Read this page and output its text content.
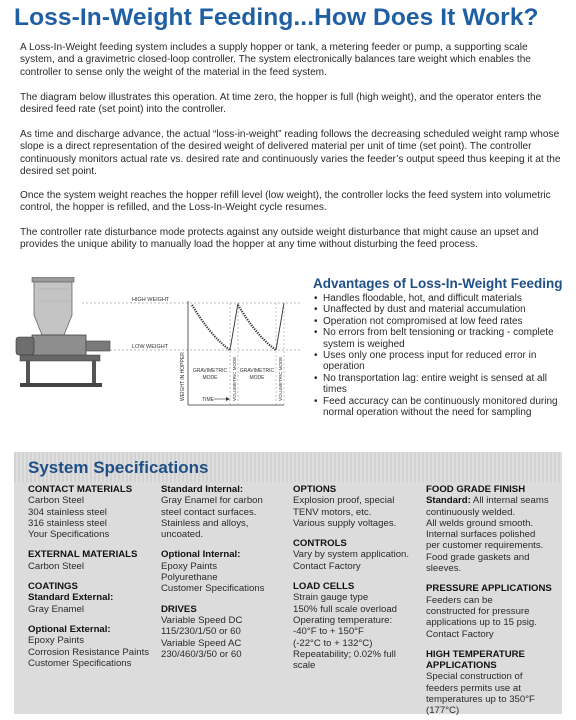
Loss-In-Weight Feeding...How Does It Work?

A Loss-In-Weight feeding system includes a supply hopper or tank, a metering feeder or pump, a supporting scale system, and a gravimetric closed-loop controller. The system electronically balances tare weight which enables the controller to sense only the weight of the material in the feed system.

The diagram below illustrates this operation. At time zero, the hopper is full (high weight), and the operator enters the desired feed rate (set point) into the controller.

As time and discharge advance, the actual “loss-in-weight” reading follows the decreasing scheduled weight ramp whose slope is a direct representation of the desired weight of delivered material per unit of time (set point). The controller continuously monitors actual rate vs. desired rate and continuously varies the feeder’s output speed thus keeping it at the desired set point.

Once the system weight reaches the hopper refill level (low weight), the controller locks the feed system into volumetric control, the hopper is refilled, and the Loss-In-Weight cycle resumes.

The controller rate disturbance mode protects against any outside weight disturbance that might cause an upset and provides the unique ability to manually load the hopper at any time without disturbing the feed process.

HIGH WEIGHT
LOW WEIGHT
WEIGHT IN HOPPER GRAVIMETRIC
MODE
GRAVIMETRIC
MODE
VOLUMETRIC MODE	VOLUMETRIC MODE
TIME
Advantages of Loss-In-Weight Feeding
• Handles floodable, hot, and difficult materials
• Unaffected by dust and material accumulation
• Operation not compromised at low feed rates
• No errors from belt tensioning or tracking - complete system is weighed
• Uses only one process input for reduced error in operation
• No transportation lag: entire weight is sensed at all times
• Feed accuracy can be continuously monitored during normal operation without the need for sampling
System Specifications
CONTACT MATERIALS
Carbon Steel
304 stainless steel
316 stainless steel
Your Specifications
EXTERNAL MATERIALS
Carbon Steel
COATINGS
Standard External:
Gray Enamel
Optional External:
Epoxy Paints
Corrosion Resistance Paints
Customer Specifications
Standard Internal:
Gray Enamel for carbon
steel contact surfaces.
Stainless and alloys,
uncoated.
Optional Internal:
Epoxy Paints
Polyurethane
Customer Specifications
DRIVES
Variable Speed DC
115/230/1/50 or 60
Variable Speed AC
230/460/3/50 or 60
OPTIONS
Explosion proof, special
TENV motors, etc.
Various supply voltages.
CONTROLS
Vary by system application.
Contact Factory
LOAD CELLS
Strain gauge type
150% full scale overload
Operating temperature:
-40°F to + 150°F
(-22°C to + 132°C)
Repeatability; 0.02% full
scale
FOOD GRADE FINISH
Standard: All internal seams
continuously welded.
All welds ground smooth.
Internal surfaces polished
per customer requirements.
Food grade gaskets and
sleeves.
PRESSURE APPLICATIONS
Feeders can be
constructed for pressure
applications up to 15 psig.
Contact Factory
HIGH TEMPERATURE
APPLICATIONS
Special construction of
feeders permits use at
temperatures up to 350°F
(177°C)
